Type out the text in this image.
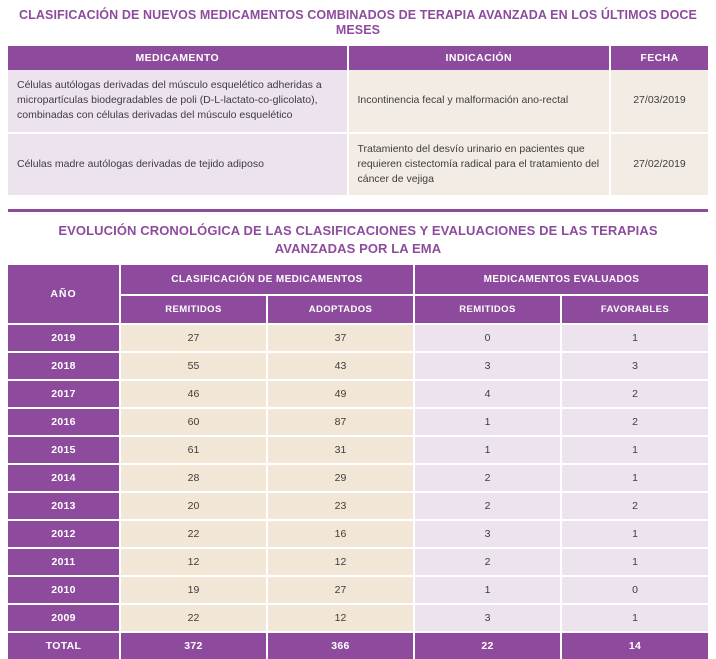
CLASIFICACIÓN DE NUEVOS MEDICAMENTOS COMBINADOS DE TERAPIA AVANZADA EN LOS ÚLTIMOS DOCE MESES
MEDICAMENTO	INDICACIÓN	FECHA
Células autólogas derivadas del músculo esquelético adheridas a micropartículas biodegradables de poli (D-L-lactato-co-glicolato), combinadas con células derivadas del músculo esquelético	Incontinencia fecal y malformación ano-rectal	27/03/2019
Células madre autólogas derivadas de tejido adiposo	Tratamiento del desvío urinario en pacientes que requieren cistectomía radical para el tratamiento del cáncer de vejiga	27/02/2019
EVOLUCIÓN CRONOLÓGICA DE LAS CLASIFICACIONES Y EVALUACIONES DE LAS TERAPIAS AVANZADAS POR LA EMA
AÑO	CLASIFICACIÓN DE MEDICAMENTOS		MEDICAMENTOS EVALUADOS	
	REMITIDOS	ADOPTADOS	REMITIDOS	FAVORABLES
2019	27	37	0	1
2018	55	43	3	3
2017	46	49	4	2
2016	60	87	1	2
2015	61	31	1	1
2014	28	29	2	1
2013	20	23	2	2
2012	22	16	3	1
2011	12	12	2	1
2010	19	27	1	0
2009	22	12	3	1
TOTAL	372	366	22	14
